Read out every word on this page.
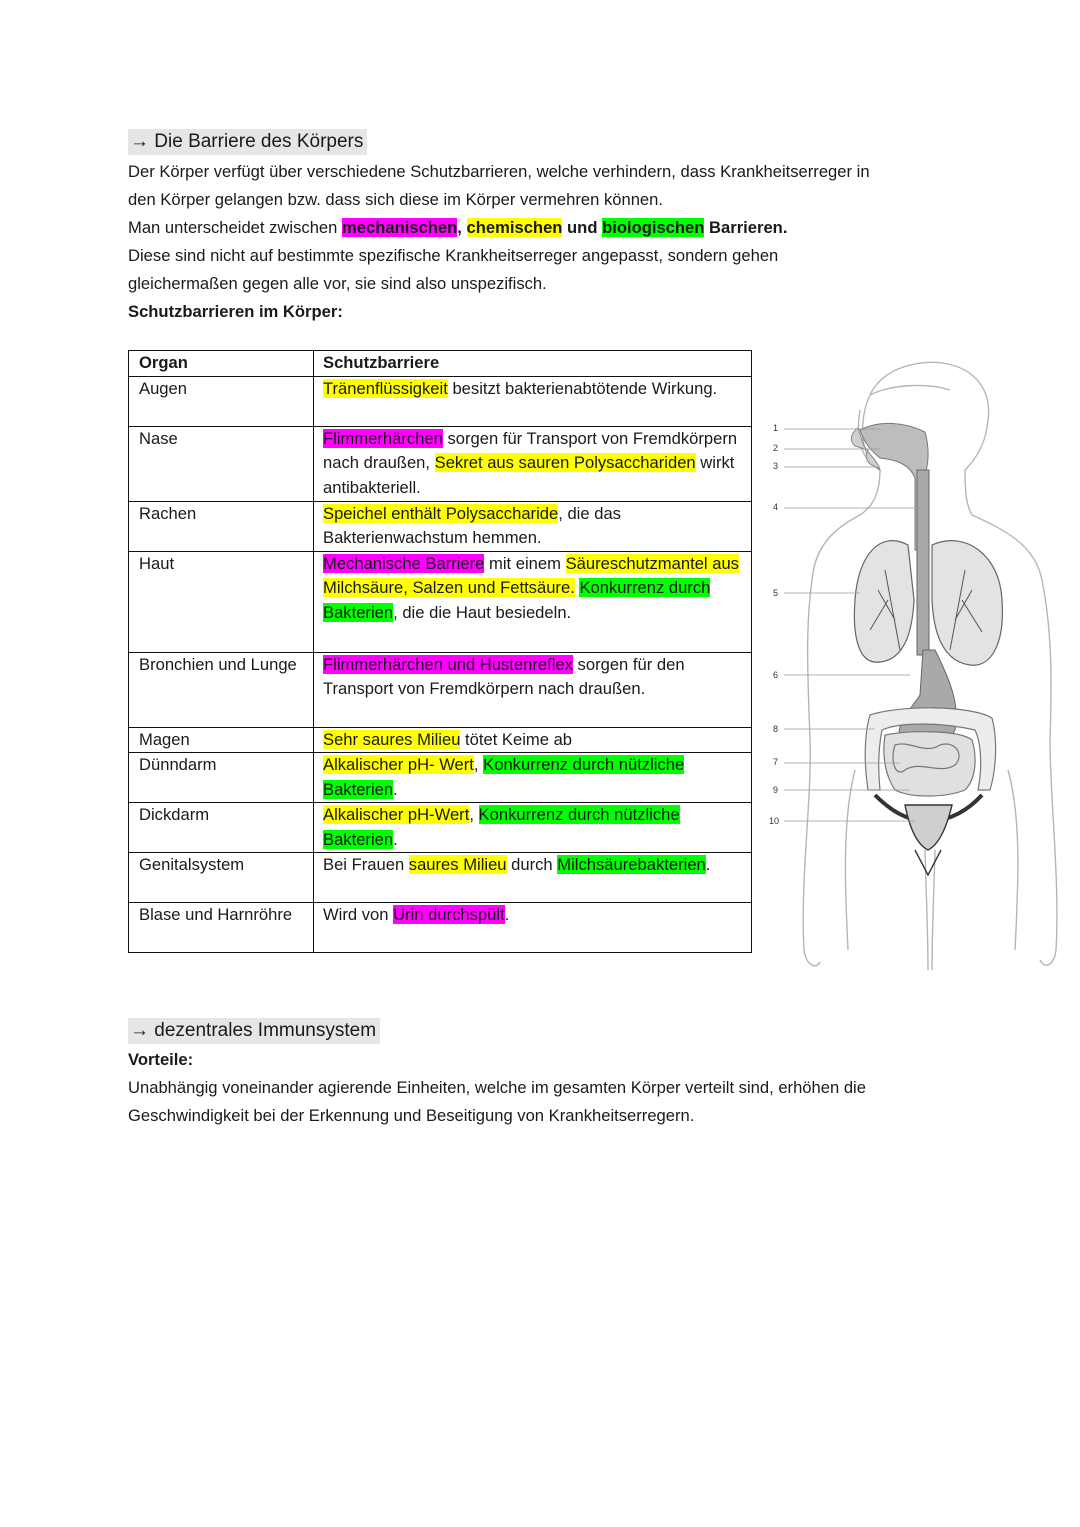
→ Die Barriere des Körpers

Der Körper verfügt über verschiedene Schutzbarrieren, welche verhindern, dass Krankheitserreger in
den Körper gelangen bzw. dass sich diese im Körper vermehren können.
Man unterscheidet zwischen mechanischen, chemischen und biologischen Barrieren.
Diese sind nicht auf bestimmte spezifische Krankheitserreger angepasst, sondern gehen
gleichermaßen gegen alle vor, sie sind also unspezifisch.
Schutzbarrieren im Körper:

Organ	Schutzbarriere
Augen	Tränenflüssigkeit besitzt bakterienabtötende Wirkung.
Nase	Flimmerhärchen sorgen für Transport von Fremdkörpern nach draußen, Sekret aus sauren Polysacchariden wirkt antibakteriell.
Rachen	Speichel enthält Polysaccharide, die das Bakterienwachstum hemmen.
Haut	Mechanische Barriere mit einem Säureschutzmantel aus Milchsäure, Salzen und Fettsäure. Konkurrenz durch Bakterien, die die Haut besiedeln.
Bronchien und Lunge	Flimmerhärchen und Hustenreflex sorgen für den Transport von Fremdkörpern nach draußen.
Magen	Sehr saures Milieu tötet Keime ab
Dünndarm	Alkalischer pH- Wert, Konkurrenz durch nützliche Bakterien.
Dickdarm	Alkalischer pH-Wert, Konkurrenz durch nützliche Bakterien.
Genitalsystem	Bei Frauen saures Milieu durch Milchsäurebakterien.
Blase und Harnröhre	Wird von Urin durchspült.
1
2
3
4
5
6
8
7
9
10
→ dezentrales Immunsystem

Vorteile:
Unabhängig voneinander agierende Einheiten, welche im gesamten Körper verteilt sind, erhöhen die
Geschwindigkeit bei der Erkennung und Beseitigung von Krankheitserregern.
